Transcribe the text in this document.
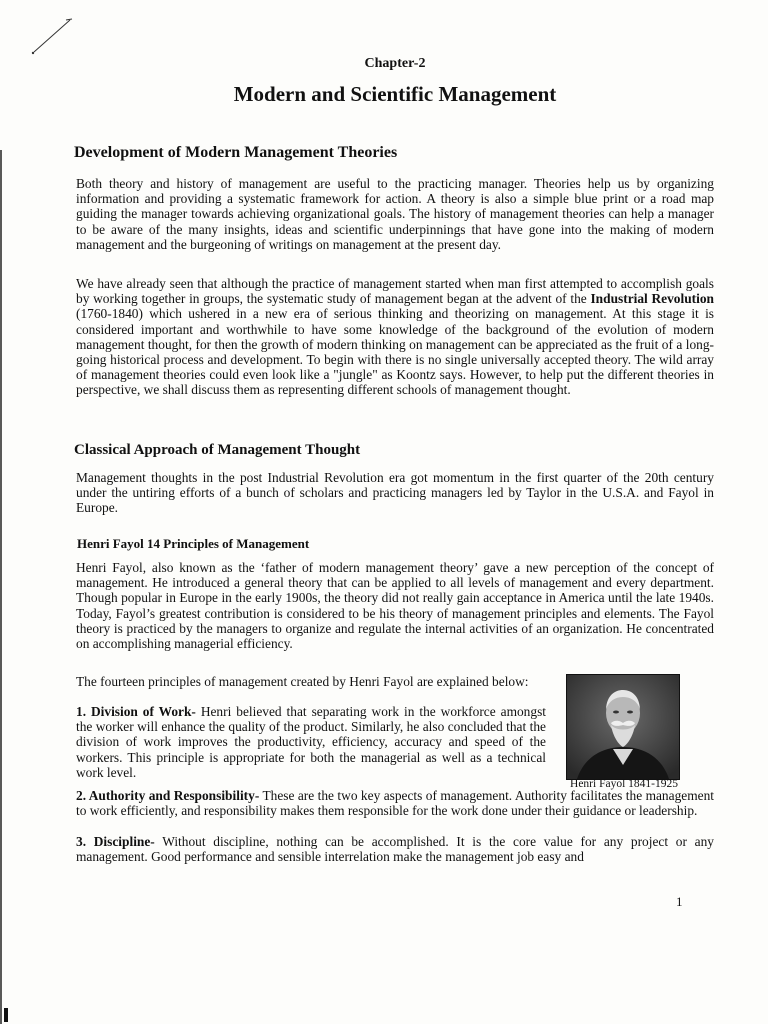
Chapter-2
Modern and Scientific Management
Development of Modern Management Theories

Both theory and history of management are useful to the practicing manager. Theories help us by organizing information and providing a systematic framework for action. A theory is also a simple blue print or a road map guiding the manager towards achieving organizational goals. The history of management theories can help a manager to be aware of the many insights, ideas and scientific underpinnings that have gone into the making of modern management and the burgeoning of writings on management at the present day.

We have already seen that although the practice of management started when man first attempted to accomplish goals by working together in groups, the systematic study of management began at the advent of the Industrial Revolution (1760-1840) which ushered in a new era of serious thinking and theorizing on management. At this stage it is considered important and worthwhile to have some knowledge of the background of the evolution of modern management thought, for then the growth of modern thinking on management can be appreciated as the fruit of a long-going historical process and development. To begin with there is no single universally accepted theory. The wild array of management theories could even look like a "jungle" as Koontz says. However, to help put the different theories in perspective, we shall discuss them as representing different schools of management thought.

Classical Approach of Management Thought

Management thoughts in the post Industrial Revolution era got momentum in the first quarter of the 20th century under the untiring efforts of a bunch of scholars and practicing managers led by Taylor in the U.S.A. and Fayol in Europe.

Henri Fayol 14 Principles of Management

Henri Fayol, also known as the ‘father of modern management theory’ gave a new perception of the concept of management. He introduced a general theory that can be applied to all levels of management and every department. Though popular in Europe in the early 1900s, the theory did not really gain acceptance in America until the late 1940s. Today, Fayol’s greatest contribution is considered to be his theory of management principles and elements. The Fayol theory is practiced by the managers to organize and regulate the internal activities of an organization. He concentrated on accomplishing managerial efficiency.

The fourteen principles of management created by Henri Fayol are explained below:

1. Division of Work- Henri believed that separating work in the workforce amongst the worker will enhance the quality of the product. Similarly, he also concluded that the division of work improves the productivity, efficiency, accuracy and speed of the workers. This principle is appropriate for both the managerial as well as a technical work level.

2. Authority and Responsibility- These are the two key aspects of management. Authority facilitates the management to work efficiently, and responsibility makes them responsible for the work done under their guidance or leadership.

3. Discipline- Without discipline, nothing can be accomplished. It is the core value for any project or any management. Good performance and sensible interrelation make the management job easy and

Henri Fayol 1841-1925
1
